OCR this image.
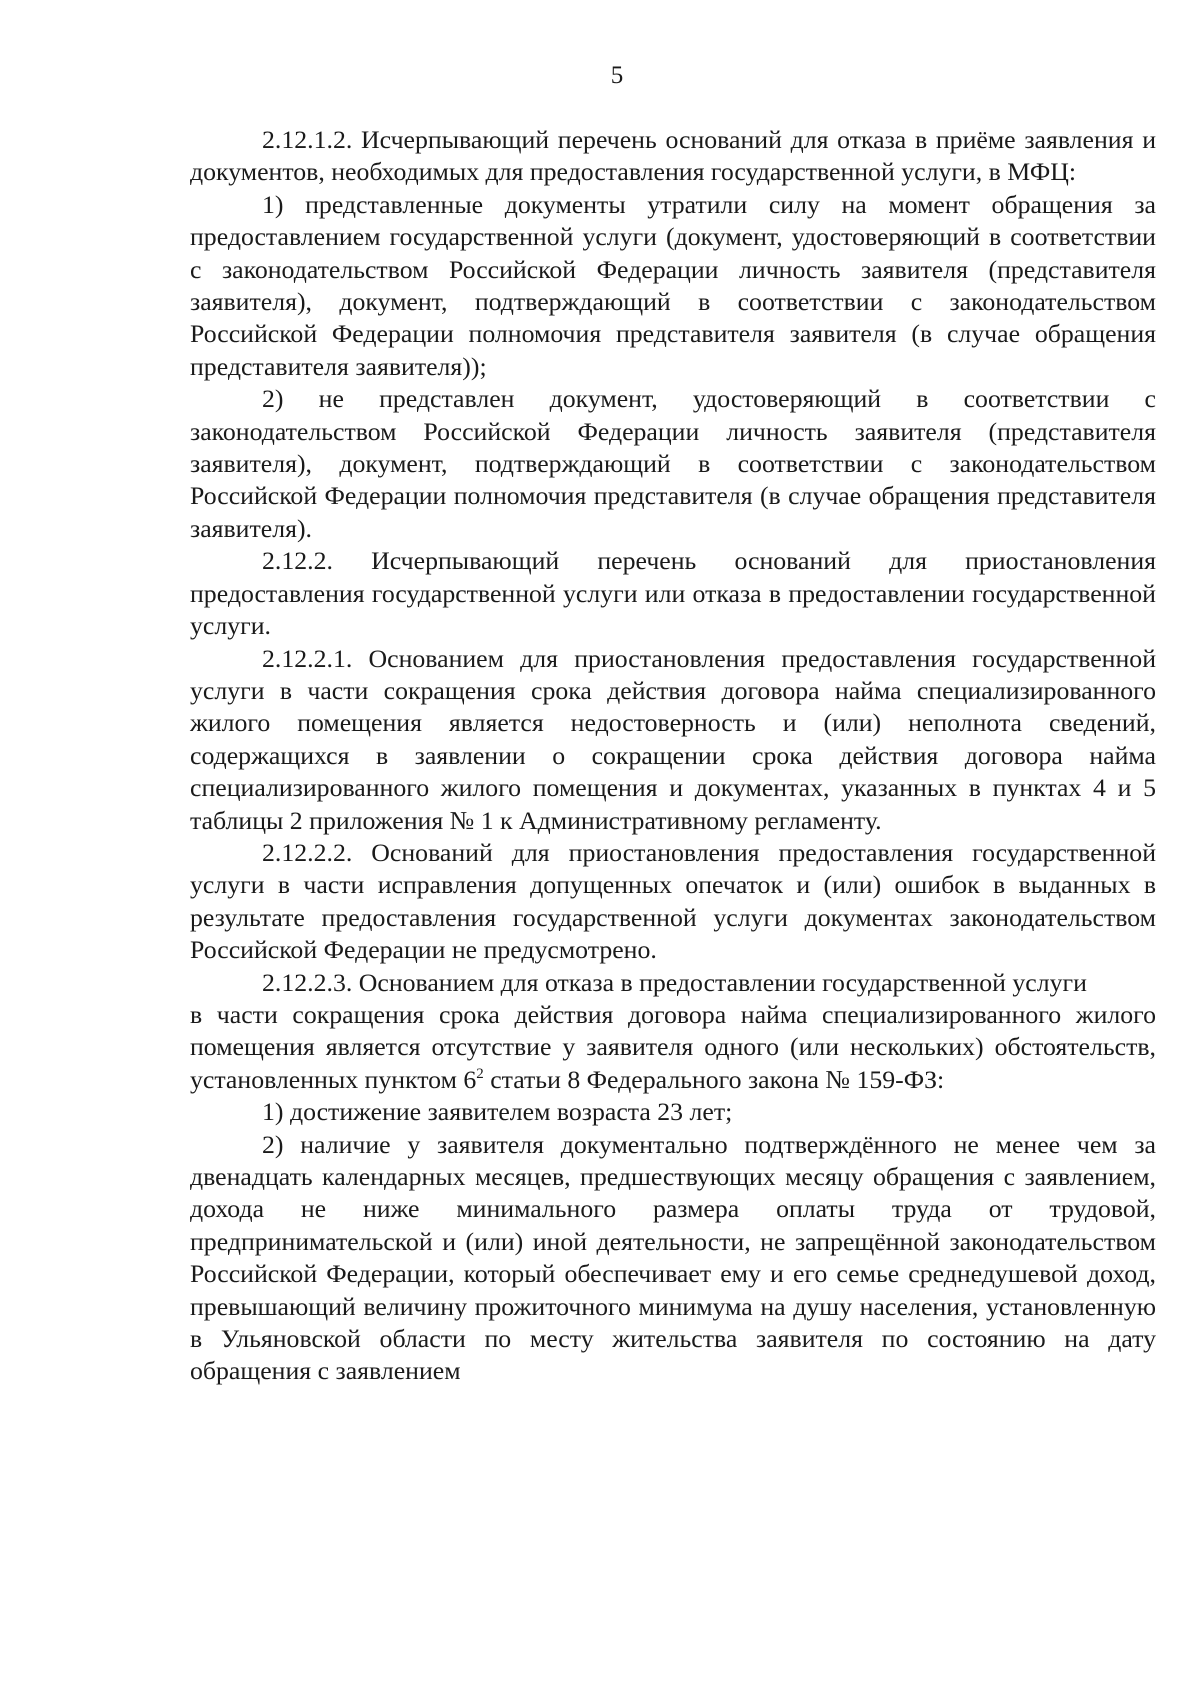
5

2.12.1.2. Исчерпывающий перечень оснований для отказа в приёме заявления и документов, необходимых для предоставления государственной услуги, в МФЦ:

1) представленные документы утратили силу на момент обращения за предоставлением государственной услуги (документ, удостоверяющий в соответствии с законодательством Российской Федерации личность заявителя (представителя заявителя), документ, подтверждающий в соответствии с законодательством Российской Федерации полномочия представителя заявителя (в случае обращения представителя заявителя));

2) не представлен документ, удостоверяющий в соответствии с законодательством Российской Федерации личность заявителя (представителя заявителя), документ, подтверждающий в соответствии с законодательством Российской Федерации полномочия представителя (в случае обращения представителя заявителя).

2.12.2. Исчерпывающий перечень оснований для приостановления предоставления государственной услуги или отказа в предоставлении государственной услуги.

2.12.2.1. Основанием для приостановления предоставления государственной услуги в части сокращения срока действия договора найма специализированного жилого помещения является недостоверность и (или) неполнота сведений, содержащихся в заявлении о сокращении срока действия договора найма специализированного жилого помещения и документах, указанных в пунктах 4 и 5 таблицы 2 приложения № 1 к Административному регламенту.

2.12.2.2. Оснований для приостановления предоставления государственной услуги в части исправления допущенных опечаток и (или) ошибок в выданных в результате предоставления государственной услуги документах законодательством Российской Федерации не предусмотрено.

2.12.2.3. Основанием для отказа в предоставлении государственной услуги

в части сокращения срока действия договора найма специализированного жилого помещения является отсутствие у заявителя одного (или нескольких) обстоятельств, установленных пунктом $6^2$ статьи 8 Федерального закона № 159-ФЗ:

1) достижение заявителем возраста 23 лет;

2) наличие у заявителя документально подтверждённого не менее чем за двенадцать календарных месяцев, предшествующих месяцу обращения с заявлением, дохода не ниже минимального размера оплаты труда от трудовой, предпринимательской и (или) иной деятельности, не запрещённой законодательством Российской Федерации, который обеспечивает ему и его семье среднедушевой доход, превышающий величину прожиточного минимума на душу населения, установленную в Ульяновской области по месту жительства заявителя по состоянию на дату обращения с заявлением
